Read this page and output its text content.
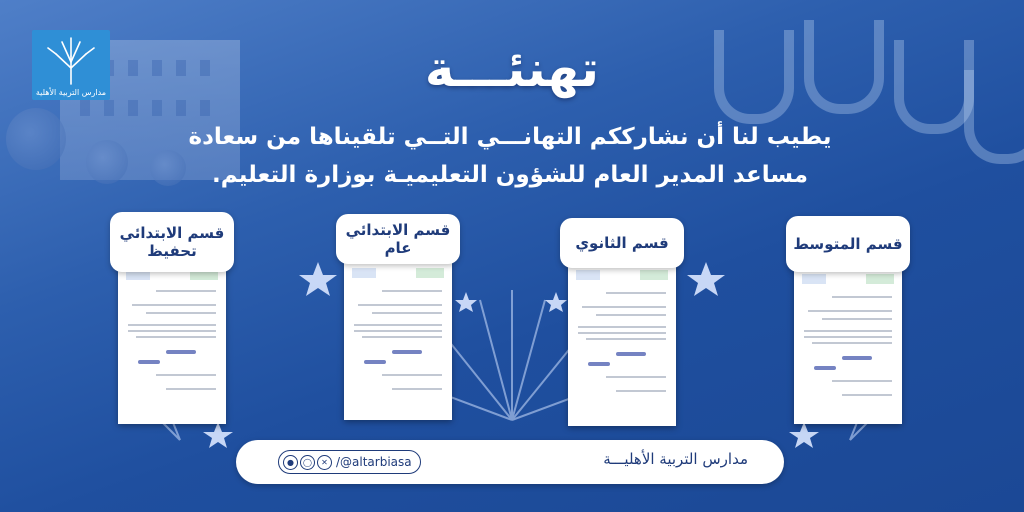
مدارس التربية الأهلية	تهنئـــة
يطيب لنا أن نشارككم التهانـــي التــي تلقيناها من سعادة
مساعد المدير العام للشؤون التعليميـة بوزارة التعليم.
قسم الابتدائي تحفيظ
قسم الابتدائي عام	قسم الثانوي	قسم المتوسط
●	◯	✕ /@altarbiasa	مدارس التربية الأهليـــة
